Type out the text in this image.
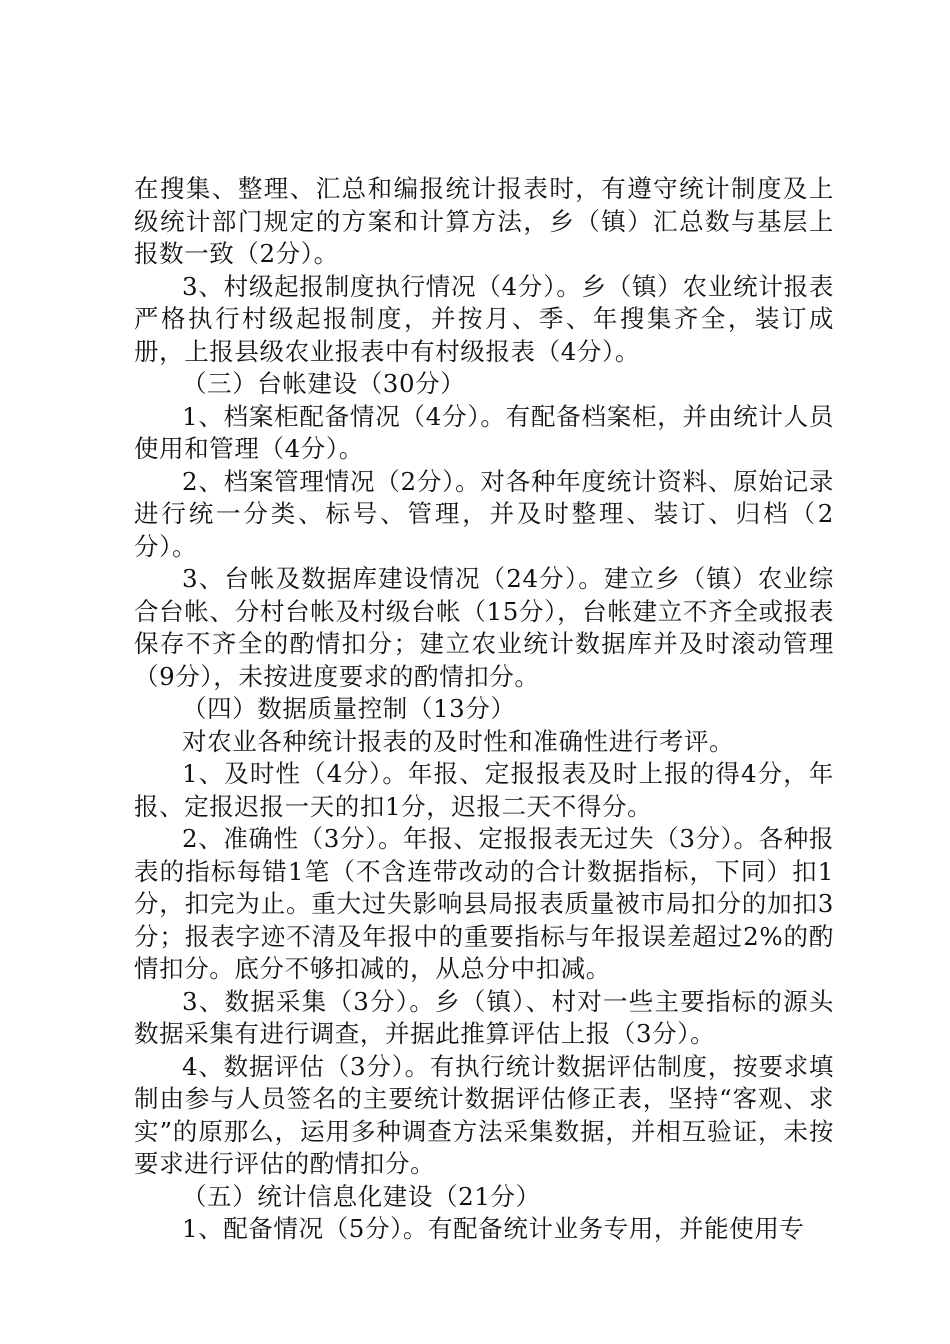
在搜集、整理、汇总和编报统计报表时，有遵守统计制度及上级统计部门规定的方案和计算方法，乡（镇）汇总数与基层上报数一致（2分）。

3、村级起报制度执行情况（4分）。乡（镇）农业统计报表严格执行村级起报制度，并按月、季、年搜集齐全，装订成册，上报县级农业报表中有村级报表（4分）。

（三）台帐建设（30分）

1、档案柜配备情况（4分）。有配备档案柜，并由统计人员使用和管理（4分）。

2、档案管理情况（2分）。对各种年度统计资料、原始记录进行统一分类、标号、管理，并及时整理、装订、归档（2分）。

3、台帐及数据库建设情况（24分）。建立乡（镇）农业综合台帐、分村台帐及村级台帐（15分），台帐建立不齐全或报表保存不齐全的酌情扣分；建立农业统计数据库并及时滚动管理（9分），未按进度要求的酌情扣分。

（四）数据质量控制（13分）

对农业各种统计报表的及时性和准确性进行考评。

1、及时性（4分）。年报、定报报表及时上报的得4分，年报、定报迟报一天的扣1分，迟报二天不得分。

2、准确性（3分）。年报、定报报表无过失（3分）。各种报表的指标每错1笔（不含连带改动的合计数据指标，下同）扣1分，扣完为止。重大过失影响县局报表质量被市局扣分的加扣3分；报表字迹不清及年报中的重要指标与年报误差超过2%的酌情扣分。底分不够扣减的，从总分中扣减。

3、数据采集（3分）。乡（镇）、村对一些主要指标的源头数据采集有进行调查，并据此推算评估上报（3分）。

4、数据评估（3分）。有执行统计数据评估制度，按要求填制由参与人员签名的主要统计数据评估修正表，坚持“客观、求实”的原那么，运用多种调查方法采集数据，并相互验证，未按要求进行评估的酌情扣分。

（五）统计信息化建设（21分）

1、配备情况（5分）。有配备统计业务专用，并能使用专
